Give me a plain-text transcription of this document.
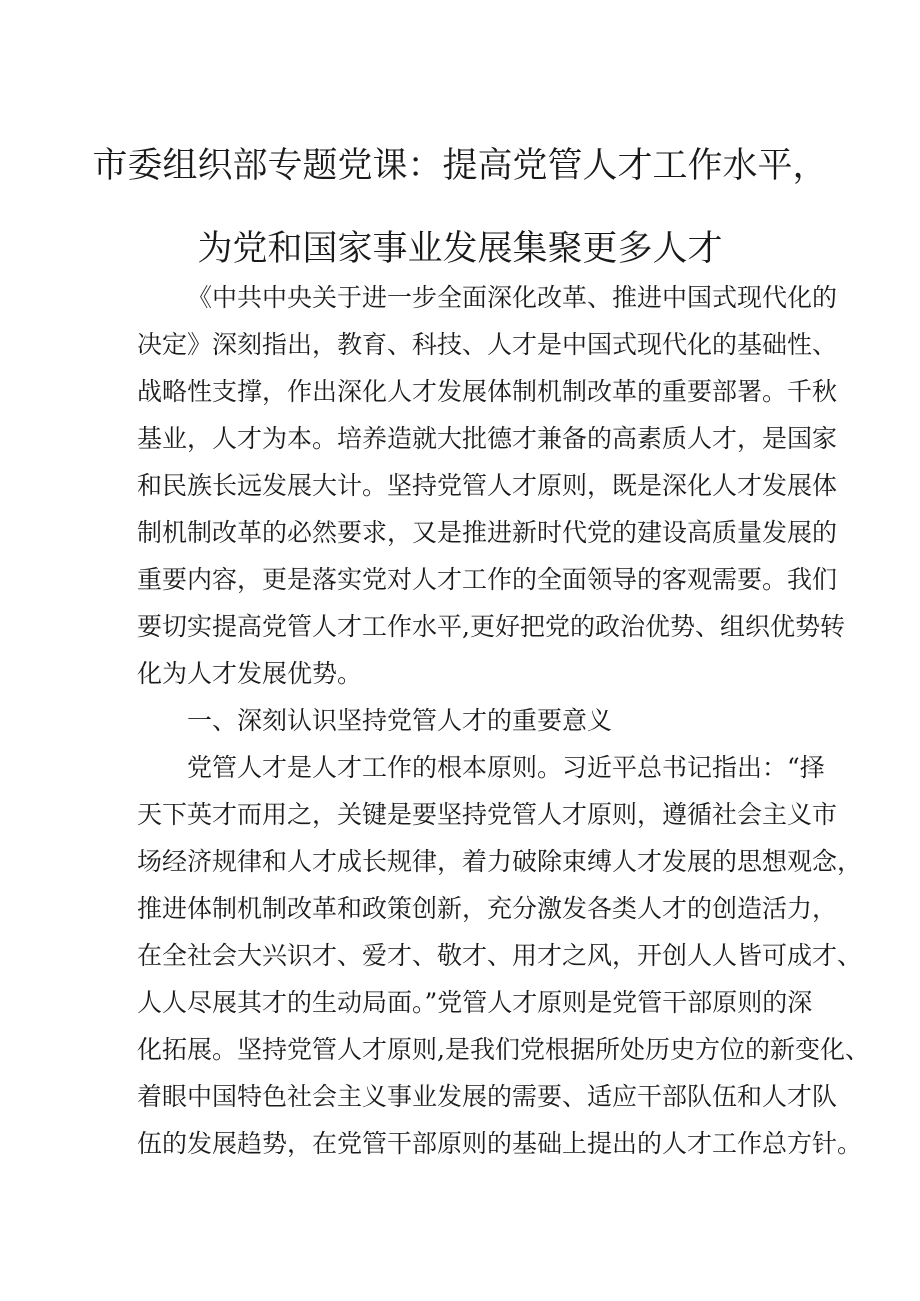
市委组织部专题党课：提高党管人才工作水平，
为党和国家事业发展集聚更多人才
《中共中央关于进一步全面深化改革、推进中国式现代化的
决定》深刻指出，教育、科技、人才是中国式现代化的基础性、
战略性支撑，作出深化人才发展体制机制改革的重要部署。千秋
基业，人才为本。培养造就大批德才兼备的高素质人才，是国家
和民族长远发展大计。坚持党管人才原则，既是深化人才发展体
制机制改革的必然要求，又是推进新时代党的建设高质量发展的
重要内容，更是落实党对人才工作的全面领导的客观需要。我们
要切实提高党管人才工作水平,更好把党的政治优势、组织优势转
化为人才发展优势。
一、深刻认识坚持党管人才的重要意义
党管人才是人才工作的根本原则。习近平总书记指出：“择
天下英才而用之，关键是要坚持党管人才原则，遵循社会主义市
场经济规律和人才成长规律，着力破除束缚人才发展的思想观念，
推进体制机制改革和政策创新，充分激发各类人才的创造活力，
在全社会大兴识才、爱才、敬才、用才之风，开创人人皆可成才、
人人尽展其才的生动局面。”党管人才原则是党管干部原则的深
化拓展。坚持党管人才原则,是我们党根据所处历史方位的新变化、
着眼中国特色社会主义事业发展的需要、适应干部队伍和人才队
伍的发展趋势，在党管干部原则的基础上提出的人才工作总方针。
